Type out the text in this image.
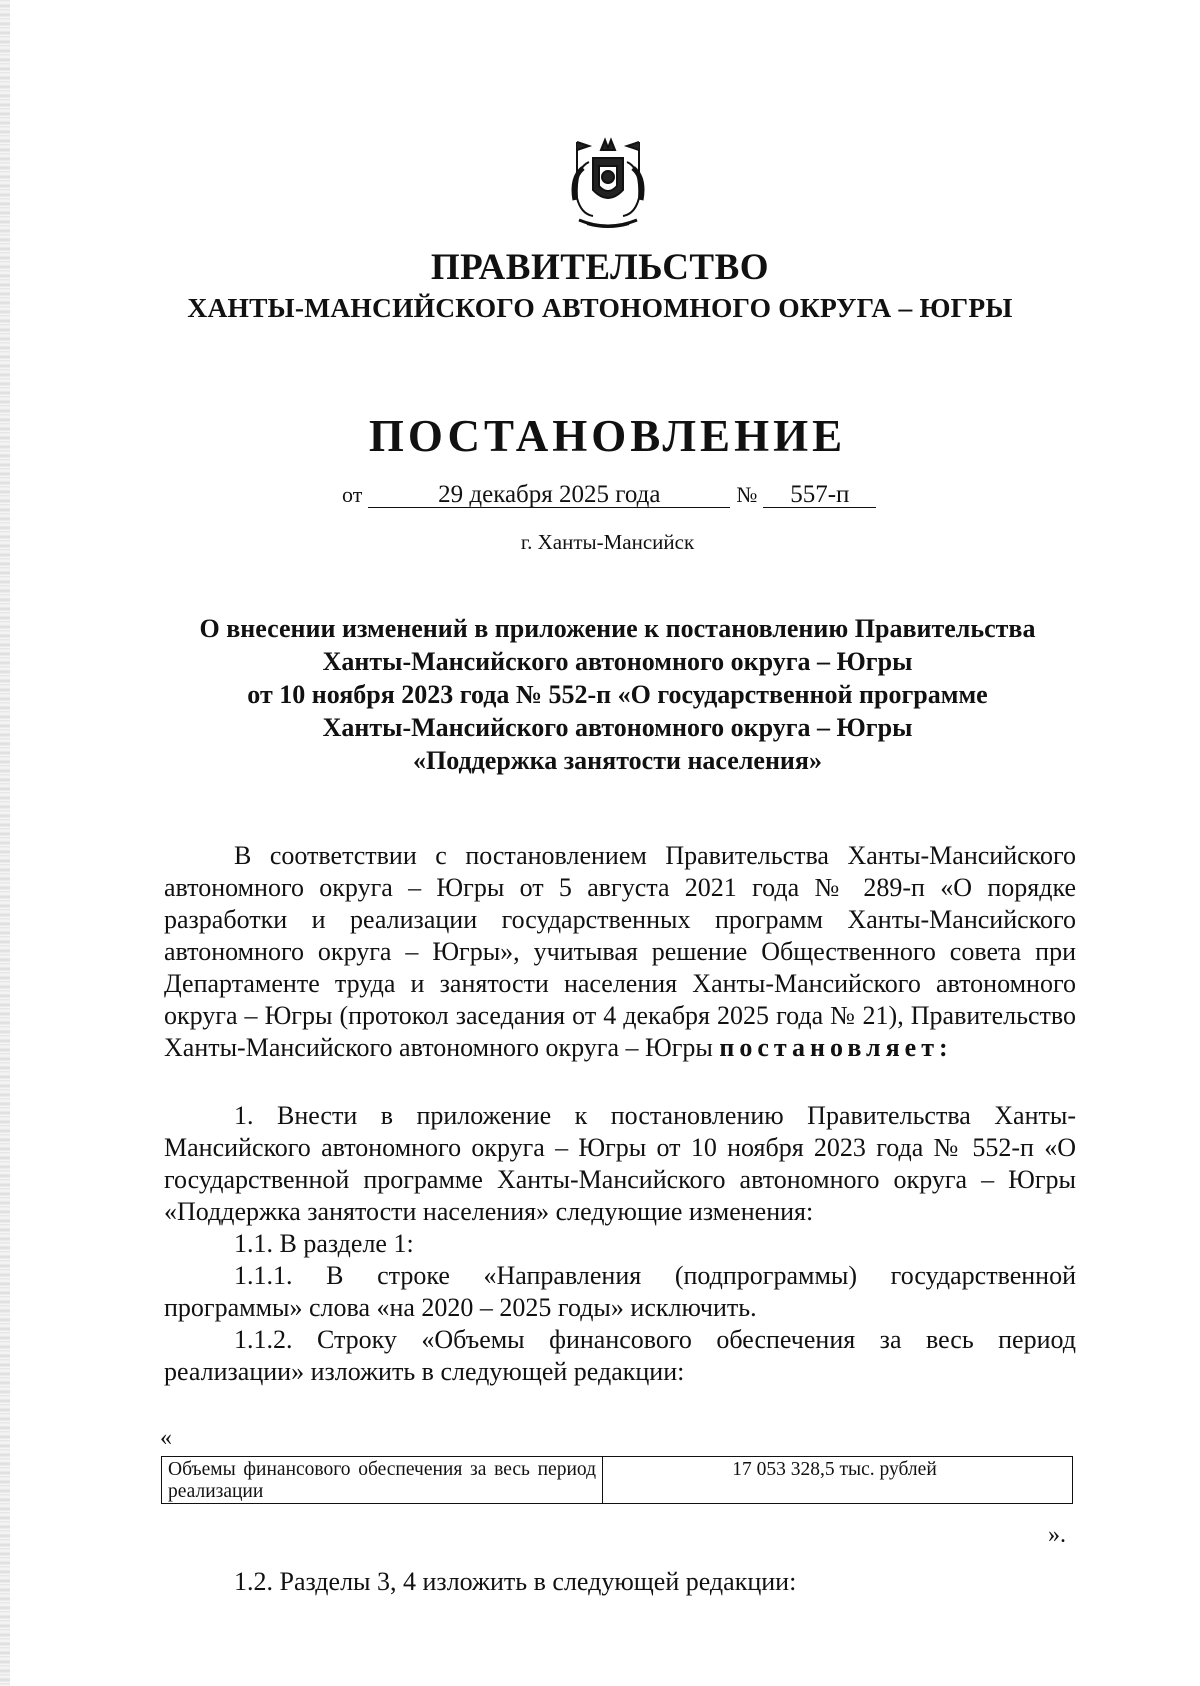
ПРАВИТЕЛЬСТВО
ХАНТЫ-МАНСИЙСКОГО АВТОНОМНОГО ОКРУГА – ЮГРЫ
ПОСТАНОВЛЕНИЕ
от	29 декабря 2025 года	№ 557-п
г. Ханты-Мансийск
О внесении изменений в приложение к постановлению Правительства
Ханты-Мансийского автономного округа – Югры
от 10 ноября 2023 года № 552-п «О государственной программе
Ханты-Мансийского автономного округа – Югры
«Поддержка занятости населения»

В соответствии с постановлением Правительства Ханты-Мансийского автономного округа – Югры от 5 августа 2021 года № 289-п «О порядке разработки и реализации государственных программ Ханты-Мансийского автономного округа – Югры», учитывая решение Общественного совета при Департаменте труда и занятости населения Ханты-Мансийского автономного округа – Югры (протокол заседания от 4 декабря 2025 года № 21), Правительство Ханты-Мансийского автономного округа – Югры постановляет:

1. Внести в приложение к постановлению Правительства Ханты-Мансийского автономного округа – Югры от 10 ноября 2023 года № 552-п «О государственной программе Ханты-Мансийского автономного округа – Югры «Поддержка занятости населения» следующие изменения:

1.1. В разделе 1:

1.1.1. В строке «Направления (подпрограммы) государственной программы» слова «на 2020 – 2025 годы» исключить.

1.1.2. Строку «Объемы финансового обеспечения за весь период реализации» изложить в следующей редакции:

«
Объемы финансового обеспечения за весь период реализации	17 053 328,5 тыс. рублей
».
1.2. Разделы 3, 4 изложить в следующей редакции:
